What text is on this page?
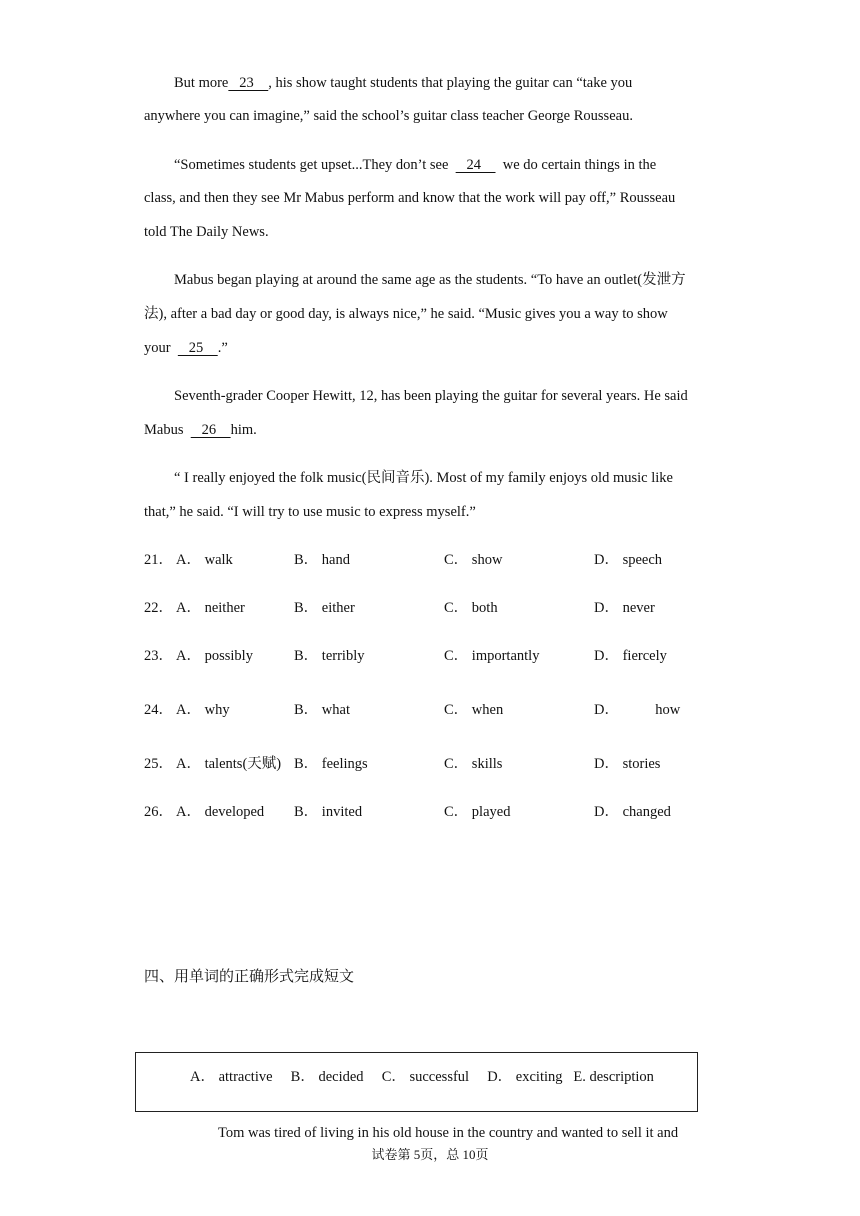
But more   23    , his show taught students that playing the guitar can “take you
anywhere you can imagine,” said the school’s guitar class teacher George Rousseau.
“Sometimes students get upset...They don’t see     24      we do certain things in the
class, and then they see Mr Mabus perform and know that the work will pay off,” Rousseau
told The Daily News.
Mabus began playing at around the same age as the students. “To have an outlet(发泄方
法), after a bad day or good day, is always nice,” he said. “Music gives you a way to show
your     25    .”
Seventh-grader Cooper Hewitt, 12, has been playing the guitar for several years. He said
Mabus     26    him.
“ I really enjoyed the folk music(民间音乐). Most of my family enjoys old music like
that,” he said. “I will try to use music to express myself.”
21． A． walk	B． hand	C． show	D． speech
22． A． neither	B． either	C． both	D． never
23． A． possibly	B． terribly	C． importantly	D． fiercely
24． A． why	B． what	C． when	D．          how
25． A． talents(天赋) B． feelings	C． skills	D． stories
26． A． developed B． invited	C． played	D． changed
四、用单词的正确形式完成短文
A． attractive B． decided C． successful D． exciting E. description
Tom was tired of living in his old house in the country and wanted to sell it and
试卷第 5页，总 10页
